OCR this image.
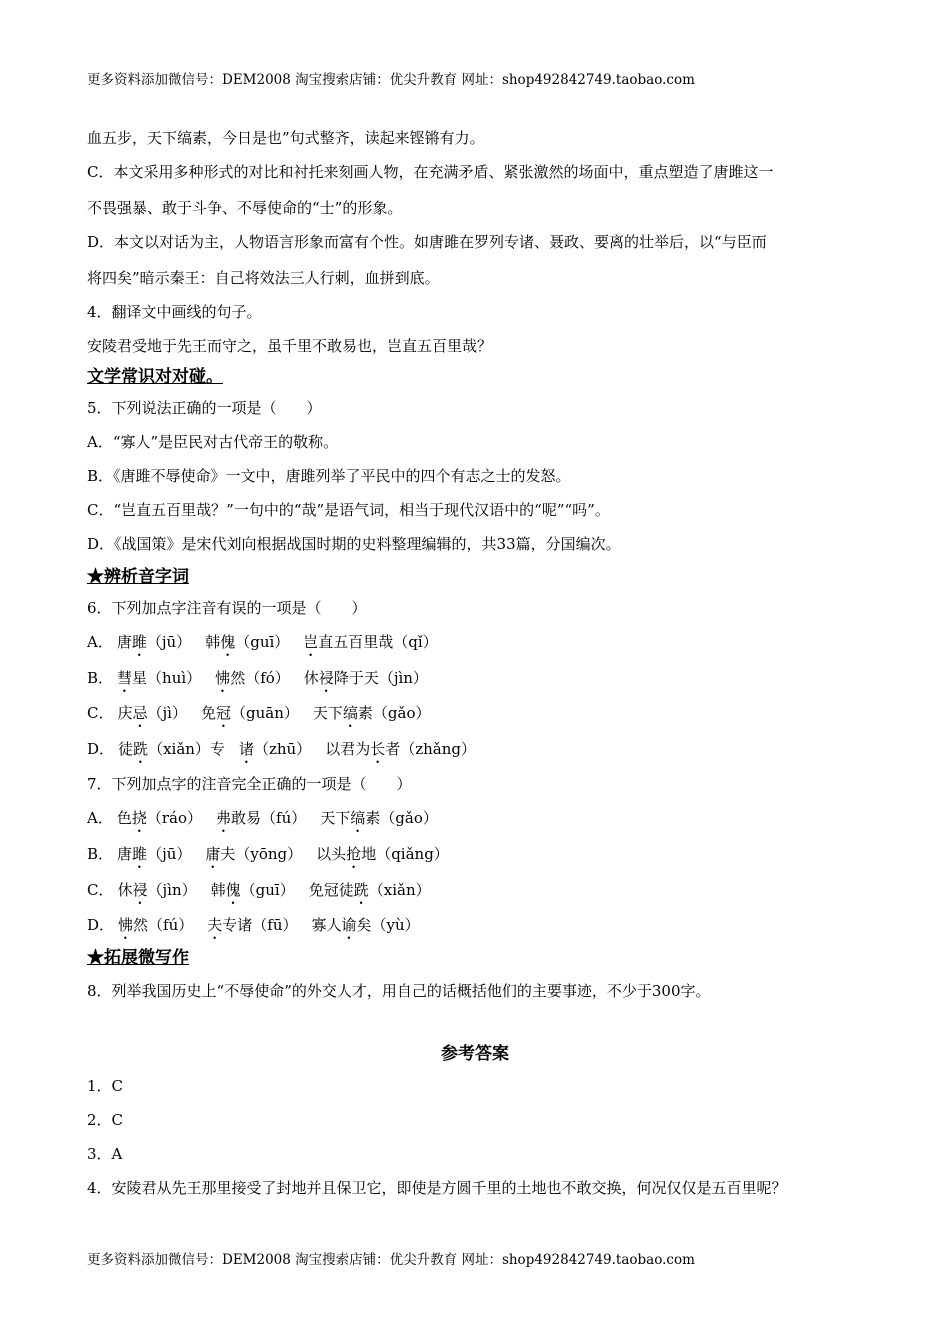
更多资料添加微信号：DEM2008 淘宝搜索店铺：优尖升教育 网址：shop492842749.taobao.com
血五步，天下缟素，今日是也”句式整齐，读起来铿锵有力。
C．本文采用多种形式的对比和衬托来刻画人物，在充满矛盾、紧张激然的场面中，重点塑造了唐雎这一
不畏强暴、敢于斗争、不辱使命的“士”的形象。
D．本文以对话为主，人物语言形象而富有个性。如唐雎在罗列专诸、聂政、要离的壮举后，以“与臣而
将四矣”暗示秦王：自己将效法三人行刺，血拼到底。
4．翻译文中画线的句子。
安陵君受地于先王而守之，虽千里不敢易也，岂直五百里哉？
文学常识对对碰。
5．下列说法正确的一项是（　　）
A．“寡人”是臣民对古代帝王的敬称。
B．《唐雎不辱使命》一文中，唐雎列举了平民中的四个有志之士的发怒。
C．“岂直五百里哉？”一句中的“哉”是语气词，相当于现代汉语中的“呢”“吗”。
D．《战国策》是宋代刘向根据战国时期的史料整理编辑的，共33篇，分国编次。
★辨析音字词
6．下列加点字注音有误的一项是（　　）
A． 唐雎（jū） 韩傀（guī） 岂直五百里哉（qǐ）
B． 彗星（huì） 怫然（fó） 休祲降于天（jìn）
C． 庆忌（jì） 免冠（guān） 天下缟素（gǎo）
D． 徒跣（xiǎn）专 诸（zhū） 以君为长者（zhǎng）
7．下列加点字的注音完全正确的一项是（　　）
A． 色挠（ráo） 弗敢易（fú） 天下缟素（gǎo）
B． 唐雎（jū） 庸夫（yōng） 以头抢地（qiǎng）
C． 休祲（jìn） 韩傀（guī） 免冠徒跣（xiǎn）
D． 怫然（fú） 夫专诸（fū） 寡人谕矣（yù）
★拓展微写作
8．列举我国历史上“不辱使命”的外交人才，用自己的话概括他们的主要事迹，不少于300字。
参考答案
1．C
2．C
3．A
4．安陵君从先王那里接受了封地并且保卫它，即使是方圆千里的土地也不敢交换，何况仅仅是五百里呢？
更多资料添加微信号：DEM2008 淘宝搜索店铺：优尖升教育 网址：shop492842749.taobao.com
